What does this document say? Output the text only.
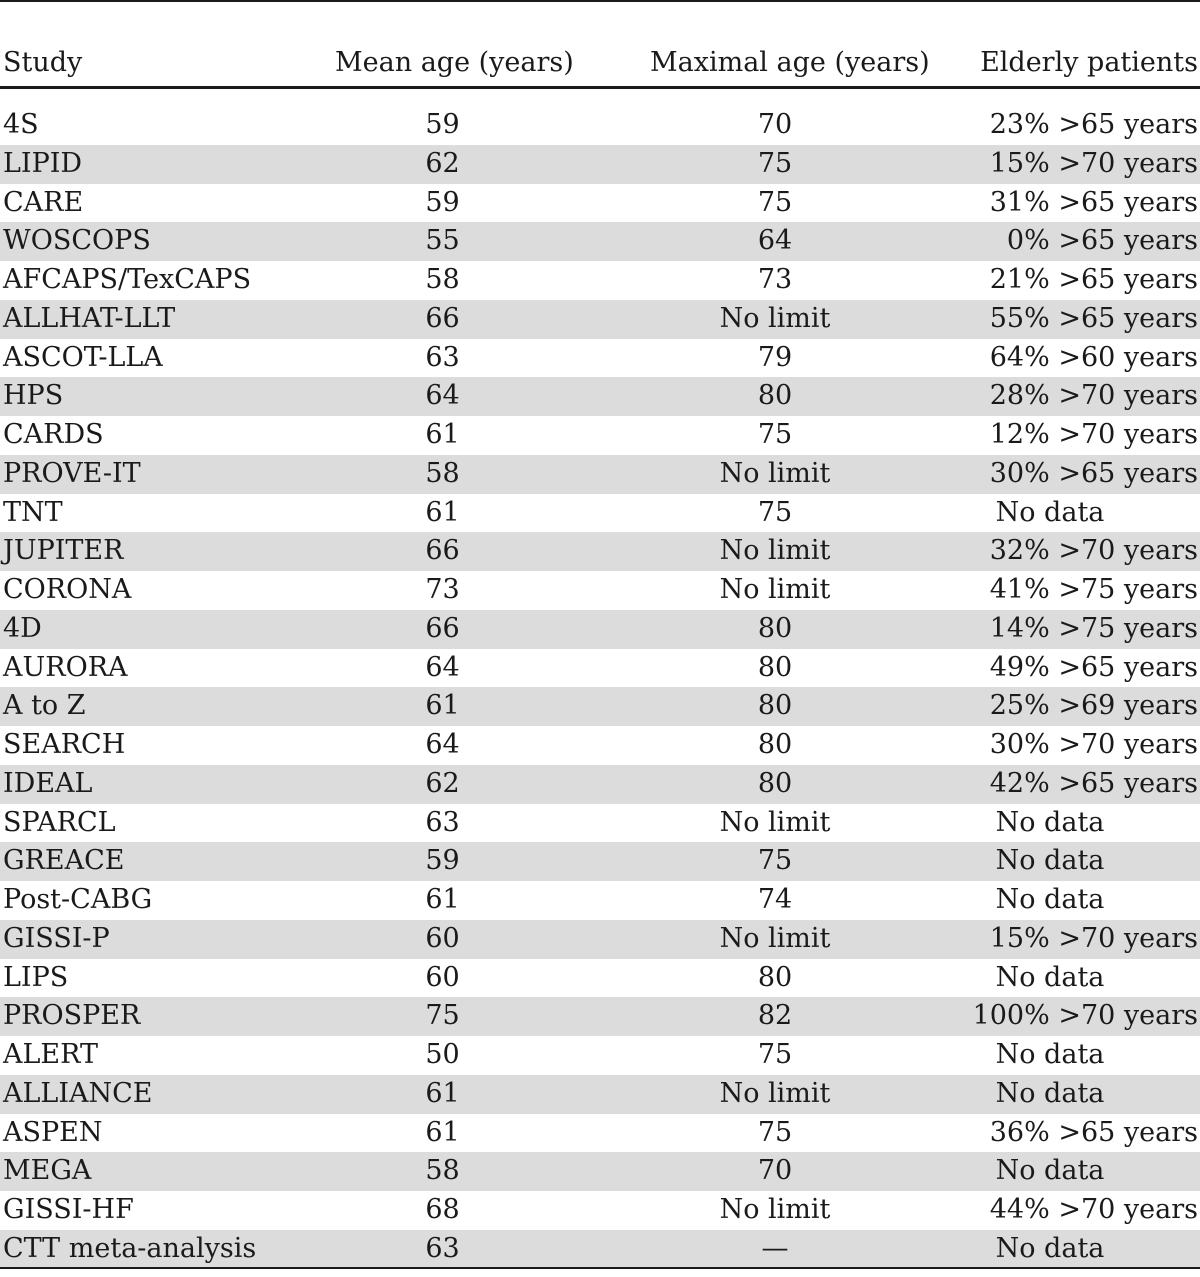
Study	Mean age (years)	Maximal age (years)	Elderly patients
4S	59	70	23% >65 years
LIPID	62	75	15% >70 years
CARE	59	75	31% >65 years
WOSCOPS	55	64	0% >65 years
AFCAPS/TexCAPS	58	73	21% >65 years
ALLHAT-LLT	66	No limit	55% >65 years
ASCOT-LLA	63	79	64% >60 years
HPS	64	80	28% >70 years
CARDS	61	75	12% >70 years
PROVE-IT	58	No limit	30% >65 years
TNT	61	75	No data
JUPITER	66	No limit	32% >70 years
CORONA	73	No limit	41% >75 years
4D	66	80	14% >75 years
AURORA	64	80	49% >65 years
A to Z	61	80	25% >69 years
SEARCH	64	80	30% >70 years
IDEAL	62	80	42% >65 years
SPARCL	63	No limit	No data
GREACE	59	75	No data
Post-CABG	61	74	No data
GISSI-P	60	No limit	15% >70 years
LIPS	60	80	No data
PROSPER	75	82	100% >70 years
ALERT	50	75	No data
ALLIANCE	61	No limit	No data
ASPEN	61	75	36% >65 years
MEGA	58	70	No data
GISSI-HF	68	No limit	44% >70 years
CTT meta-analysis	63	—	No data
